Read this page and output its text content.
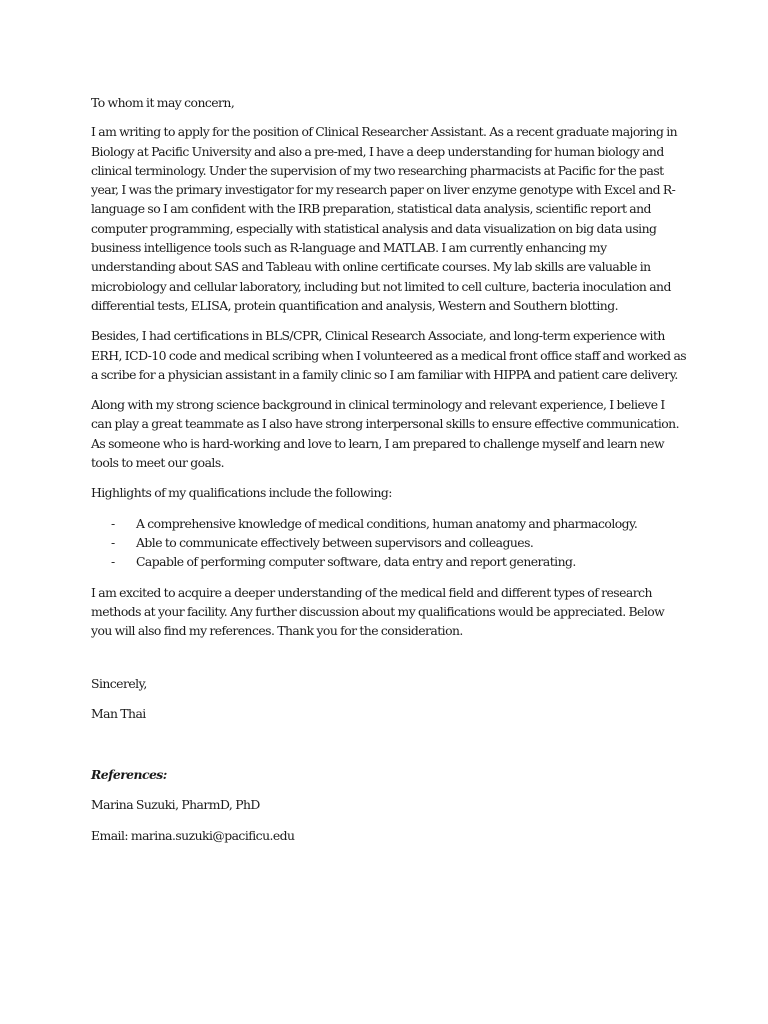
To whom it may concern,

I am writing to apply for the position of Clinical Researcher Assistant. As a recent graduate majoring in Biology at Pacific University and also a pre-med, I have a deep understanding for human biology and clinical terminology. Under the supervision of my two researching pharmacists at Pacific for the past year, I was the primary investigator for my research paper on liver enzyme genotype with Excel and R-language so I am confident with the IRB preparation, statistical data analysis, scientific report and computer programming, especially with statistical analysis and data visualization on big data using business intelligence tools such as R-language and MATLAB. I am currently enhancing my understanding about SAS and Tableau with online certificate courses. My lab skills are valuable in microbiology and cellular laboratory, including but not limited to cell culture, bacteria inoculation and differential tests, ELISA, protein quantification and analysis, Western and Southern blotting.

Besides, I had certifications in BLS/CPR, Clinical Research Associate, and long-term experience with ERH, ICD-10 code and medical scribing when I volunteered as a medical front office staff and worked as a scribe for a physician assistant in a family clinic so I am familiar with HIPPA and patient care delivery.

Along with my strong science background in clinical terminology and relevant experience, I believe I can play a great teammate as I also have strong interpersonal skills to ensure effective communication. As someone who is hard-working and love to learn, I am prepared to challenge myself and learn new tools to meet our goals.

Highlights of my qualifications include the following:

- A comprehensive knowledge of medical conditions, human anatomy and pharmacology.
- Able to communicate effectively between supervisors and colleagues.
- Capable of performing computer software, data entry and report generating.

I am excited to acquire a deeper understanding of the medical field and different types of research methods at your facility. Any further discussion about my qualifications would be appreciated. Below you will also find my references. Thank you for the consideration.

Sincerely,

Man Thai

References:

Marina Suzuki, PharmD, PhD

Email: marina.suzuki@pacificu.edu
